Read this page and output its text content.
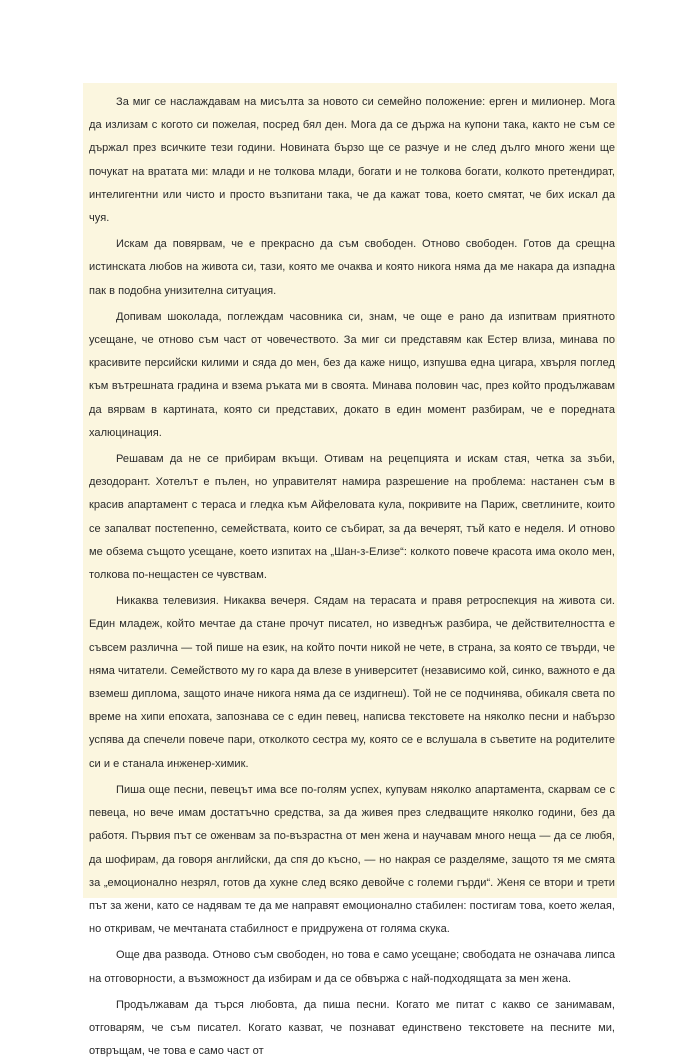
За миг се наслаждавам на мисълта за новото си семейно положение: ерген и милионер. Мога да излизам с когото си пожелая, посред бял ден. Мога да се държа на купони така, както не съм се държал през всичките тези години. Новината бързо ще се разчуе и не след дълго много жени ще почукат на вратата ми: млади и не толкова млади, богати и не толкова богати, колкото претендират, интелигентни или чисто и просто възпитани така, че да кажат това, което смятат, че бих искал да чуя.

Искам да повярвам, че е прекрасно да съм свободен. Отново свободен. Готов да срещна истинската любов на живота си, тази, която ме очаква и която никога няма да ме накара да изпадна пак в подобна унизителна ситуация.

Допивам шоколада, поглеждам часовника си, знам, че още е рано да изпитвам приятното усещане, че отново съм част от човечеството. За миг си представям как Естер влиза, минава по красивите персийски килими и сяда до мен, без да каже нищо, изпушва една цигара, хвърля поглед към вътрешната градина и взема ръката ми в своята. Минава половин час, през който продължавам да вярвам в картината, която си представих, докато в един момент разбирам, че е поредната халюцинация.

Решавам да не се прибирам вкъщи. Отивам на рецепцията и искам стая, четка за зъби, дезодорант. Хотелът е пълен, но управителят намира разрешение на проблема: настанен съм в красив апартамент с тераса и гледка към Айфеловата кула, покривите на Париж, светлините, които се запалват постепенно, семействата, които се събират, за да вечерят, тъй като е неделя. И отново ме обзема същото усещане, което изпитах на „Шан-з-Елизе“: колкото повече красота има около мен, толкова по-нещастен се чувствам.

Никаква телевизия. Никаква вечеря. Сядам на терасата и правя ретроспекция на живота си. Един младеж, който мечтае да стане прочут писател, но изведнъж разбира, че действителността е съвсем различна — той пише на език, на който почти никой не чете, в страна, за която се твърди, че няма читатели. Семейството му го кара да влезе в университет (независимо кой, синко, важното е да вземеш диплома, защото иначе никога няма да се издигнеш). Той не се подчинява, обикаля света по време на хипи епохата, запознава се с един певец, написва текстовете на няколко песни и набързо успява да спечели повече пари, отколкото сестра му, която се е вслушала в съветите на родителите си и е станала инженер-химик.

Пиша още песни, певецът има все по-голям успех, купувам няколко апартамента, скарвам се с певеца, но вече имам достатъчно средства, за да живея през следващите няколко години, без да работя. Първия път се оженвам за по-възрастна от мен жена и научавам много неща — да се любя, да шофирам, да говоря английски, да спя до късно, — но накрая се разделяме, защото тя ме смята за „емоционално незрял, готов да хукне след всяко девойче с големи гърди“. Женя се втори и трети път за жени, като се надявам те да ме направят емоционално стабилен: постигам това, което желая, но откривам, че мечтаната стабилност е придружена от голяма скука.

Още два развода. Отново съм свободен, но това е само усещане; свободата не означава липса на отговорности, а възможност да избирам и да се обвържа с най-подходящата за мен жена.

Продължавам да търся любовта, да пиша песни. Когато ме питат с какво се занимавам, отговарям, че съм писател. Когато казват, че познават единствено текстовете на песните ми, отвръщам, че това е само част от
